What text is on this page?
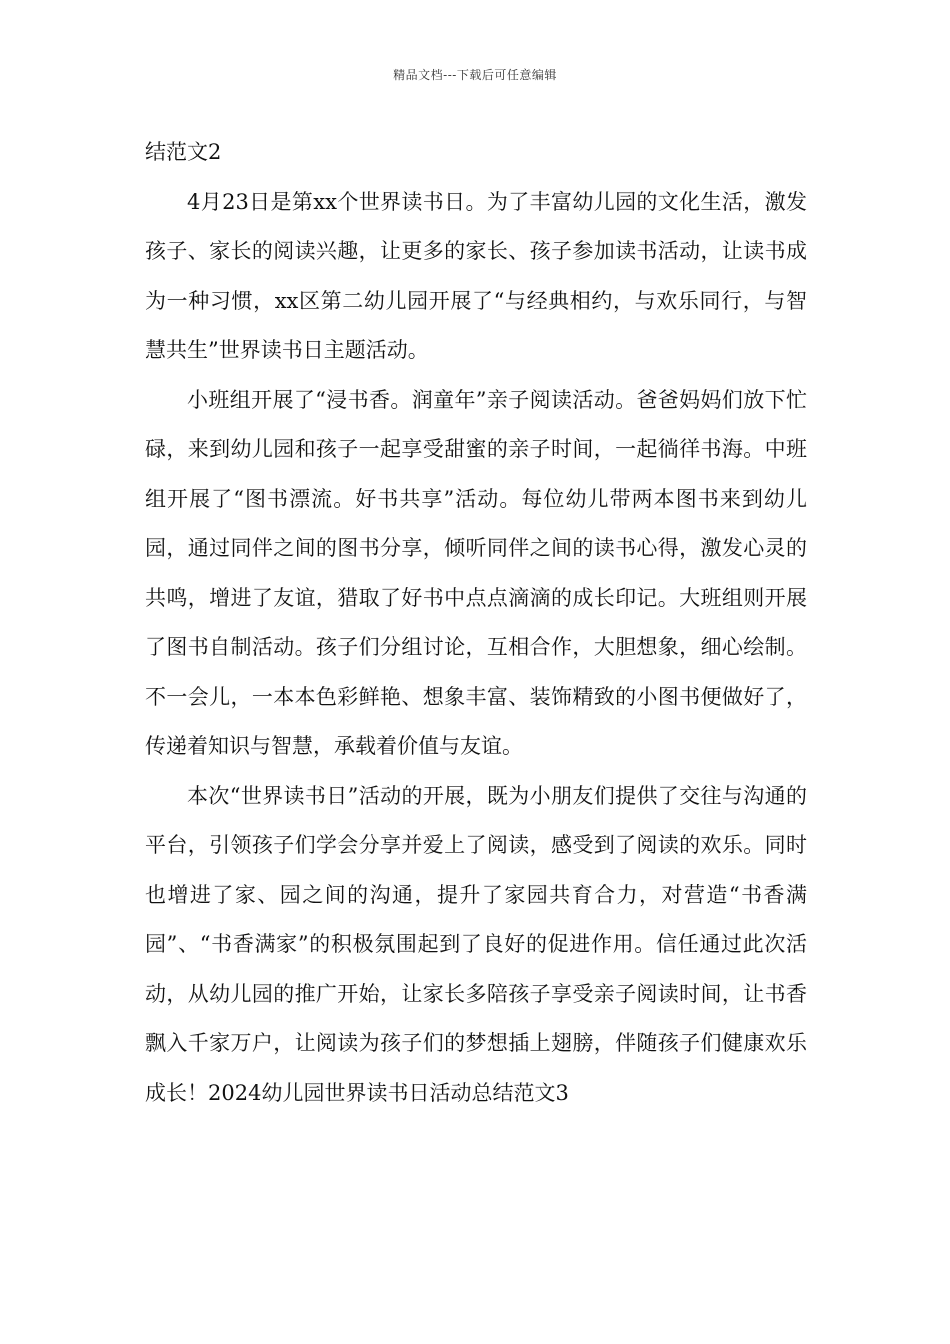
精品文档---下载后可任意编辑

结范文2

4月23日是第xx个世界读书日。为了丰富幼儿园的文化生活，激发孩子、家长的阅读兴趣，让更多的家长、孩子参加读书活动，让读书成为一种习惯，xx区第二幼儿园开展了“与经典相约，与欢乐同行，与智慧共生”世界读书日主题活动。

小班组开展了“浸书香。润童年”亲子阅读活动。爸爸妈妈们放下忙碌，来到幼儿园和孩子一起享受甜蜜的亲子时间，一起徜徉书海。中班组开展了“图书漂流。好书共享”活动。每位幼儿带两本图书来到幼儿园，通过同伴之间的图书分享，倾听同伴之间的读书心得，激发心灵的共鸣，增进了友谊，猎取了好书中点点滴滴的成长印记。大班组则开展了图书自制活动。孩子们分组讨论，互相合作，大胆想象，细心绘制。不一会儿，一本本色彩鲜艳、想象丰富、装饰精致的小图书便做好了，传递着知识与智慧，承载着价值与友谊。

本次“世界读书日”活动的开展，既为小朋友们提供了交往与沟通的平台，引领孩子们学会分享并爱上了阅读，感受到了阅读的欢乐。同时也增进了家、园之间的沟通，提升了家园共育合力，对营造“书香满园”、“书香满家”的积极氛围起到了良好的促进作用。信任通过此次活动，从幼儿园的推广开始，让家长多陪孩子享受亲子阅读时间，让书香飘入千家万户，让阅读为孩子们的梦想插上翅膀，伴随孩子们健康欢乐成长！2024幼儿园世界读书日活动总结范文3
